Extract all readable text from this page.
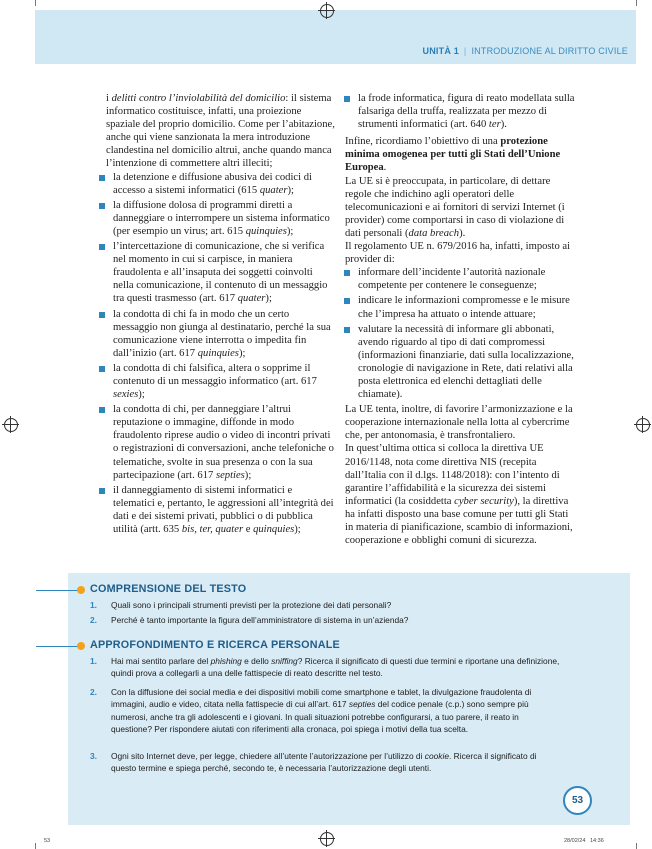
UNITÀ 1 | INTRODUZIONE AL DIRITTO CIVILE

i delitti contro l’inviolabilità del domicilio: il sistema informatico costituisce, infatti, una proiezione spaziale del proprio domicilio. Come per l’abitazione, anche qui viene sanzionata la mera introduzione clandestina nel domicilio altrui, anche quando manca l’intenzione di commettere altri illeciti;

la detenzione e diffusione abusiva dei codici di accesso a sistemi informatici (615 quater);
la diffusione dolosa di programmi diretti a danneggiare o interrompere un sistema informatico (per esempio un virus; art. 615 quinquies);
l’intercettazione di comunicazione, che si verifica nel momento in cui si carpisce, in maniera fraudolenta e all’insaputa dei soggetti coinvolti nella comunicazione, il contenuto di un messaggio tra questi trasmesso (art. 617 quater);
la condotta di chi fa in modo che un certo messaggio non giunga al destinatario, perché la sua comunicazione viene interrotta o impedita fin dall’inizio (art. 617 quinquies);
la condotta di chi falsifica, altera o sopprime il contenuto di un messaggio informatico (art. 617 sexies);
la condotta di chi, per danneggiare l’altrui reputazione o immagine, diffonde in modo fraudolento riprese audio o video di incontri privati o registrazioni di conversazioni, anche telefoniche o telematiche, svolte in sua presenza o con la sua partecipazione (art. 617 septies);
il danneggiamento di sistemi informatici e telematici e, pertanto, le aggressioni all’integrità dei dati e dei sistemi privati, pubblici o di pubblica utilità (artt. 635 bis, ter, quater e quinquies);
la frode informatica, figura di reato modellata sulla falsariga della truffa, realizzata per mezzo di strumenti informatici (art. 640 ter).

Infine, ricordiamo l’obiettivo di una protezione minima omogenea per tutti gli Stati dell’Unione Europea.

La UE si è preoccupata, in particolare, di dettare regole che indichino agli operatori delle telecomunicazioni e ai fornitori di servizi Internet (i provider) come comportarsi in caso di violazione di dati personali (data breach).

Il regolamento UE n. 679/2016 ha, infatti, imposto ai provider di:

informare dell’incidente l’autorità nazionale competente per contenere le conseguenze;
indicare le informazioni compromesse e le misure che l’impresa ha attuato o intende attuare;
valutare la necessità di informare gli abbonati, avendo riguardo al tipo di dati compromessi (informazioni finanziarie, dati sulla localizzazione, cronologie di navigazione in Rete, dati relativi alla posta elettronica ed elenchi dettagliati delle chiamate).

La UE tenta, inoltre, di favorire l’armonizzazione e la cooperazione internazionale nella lotta al cybercrime che, per antonomasia, è transfrontaliero.

In quest’ultima ottica si colloca la direttiva UE 2016/1148, nota come direttiva NIS (recepita dall’Italia con il d.lgs. 1148/2018): con l’intento di garantire l’affidabilità e la sicurezza dei sistemi informatici (la cosiddetta cyber security), la direttiva ha infatti disposto una base comune per tutti gli Stati in materia di pianificazione, scambio di informazioni, cooperazione e obblighi comuni di sicurezza.

COMPRENSIONE DEL TESTO
1. Quali sono i principali strumenti previsti per la protezione dei dati personali?
2. Perché è tanto importante la figura dell’amministratore di sistema in un’azienda?
APPROFONDIMENTO E RICERCA PERSONALE
1. Hai mai sentito parlare del phishing e dello sniffing? Ricerca il significato di questi due termini e riportane una definizione, quindi prova a collegarli a una delle fattispecie di reato descritte nel testo.
2. Con la diffusione dei social media e dei dispositivi mobili come smartphone e tablet, la divulgazione fraudolenta di immagini, audio e video, citata nella fattispecie di cui all’art. 617 septies del codice penale (c.p.) sono sempre più numerosi, anche tra gli adolescenti e i giovani. In quali situazioni potrebbe configurarsi, a tuo parere, il reato in questione? Per rispondere aiutati con riferimenti alla cronaca, poi spiega i motivi della tua scelta.
3. Ogni sito Internet deve, per legge, chiedere all’utente l’autorizzazione per l’utilizzo di cookie. Ricerca il significato di questo termine e spiega perché, secondo te, è necessaria l’autorizzazione degli utenti.
53
53	28/02/24 14:36
